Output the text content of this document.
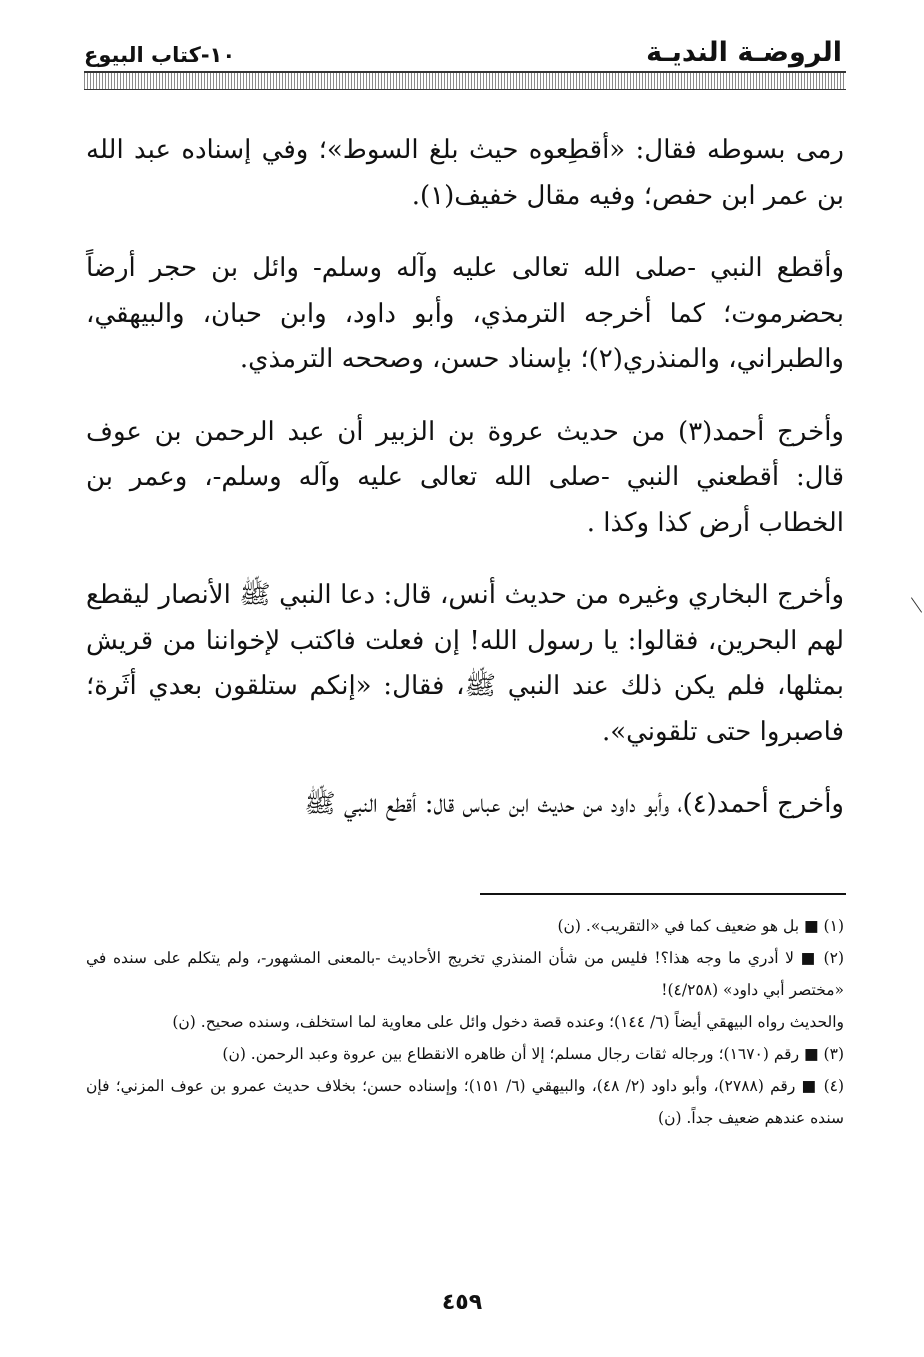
الروضـة النديـة
١٠-كتاب البيوع

رمى بسوطه فقال: «أقطِعوه حيث بلغ السوط»؛ وفي إسناده عبد الله بن عمر ابن حفص؛ وفيه مقال خفيف(١).

وأقطع النبي -صلى الله تعالى عليه وآله وسلم- وائل بن حجر أرضاً بحضرموت؛ كما أخرجه الترمذي، وأبو داود، وابن حبان، والبيهقي، والطبراني، والمنذري(٢)؛ بإسناد حسن، وصححه الترمذي.

وأخرج أحمد(٣) من حديث عروة بن الزبير أن عبد الرحمن بن عوف قال: أقطعني النبي -صلى الله تعالى عليه وآله وسلم-، وعمر بن الخطاب أرض كذا وكذا .

وأخرج البخاري وغيره من حديث أنس، قال: دعا النبي ﷺ الأنصار ليقطع لهم البحرين، فقالوا: يا رسول الله! إن فعلت فاكتب لإخواننا من قريش بمثلها، فلم يكن ذلك عند النبي ﷺ، فقال: «إنكم ستلقون بعدي أثَرة؛ فاصبروا حتى تلقوني».

وأخرج أحمد(٤)، وأبو داود من حديث ابن عباس قال: أقطع النبي ﷺ

(١) ■ بل هو ضعيف كما في «التقريب». (ن)

(٢) ■ لا أدري ما وجه هذا؟! فليس من شأن المنذري تخريج الأحاديث -بالمعنى المشهور-، ولم يتكلم على سنده في «مختصر أبي داود» (٤/٢٥٨)!

والحديث رواه البيهقي أيضاً (٦/ ١٤٤)؛ وعنده قصة دخول وائل على معاوية لما استخلف، وسنده صحيح. (ن)

(٣) ■ رقم (١٦٧٠)؛ ورجاله ثقات رجال مسلم؛ إلا أن ظاهره الانقطاع بين عروة وعبد الرحمن. (ن)

(٤) ■ رقم (٢٧٨٨)، وأبو داود (٢/ ٤٨)، والبيهقي (٦/ ١٥١)؛ وإسناده حسن؛ بخلاف حديث عمرو بن عوف المزني؛ فإن سنده عندهم ضعيف جداً. (ن)

٤٥٩
